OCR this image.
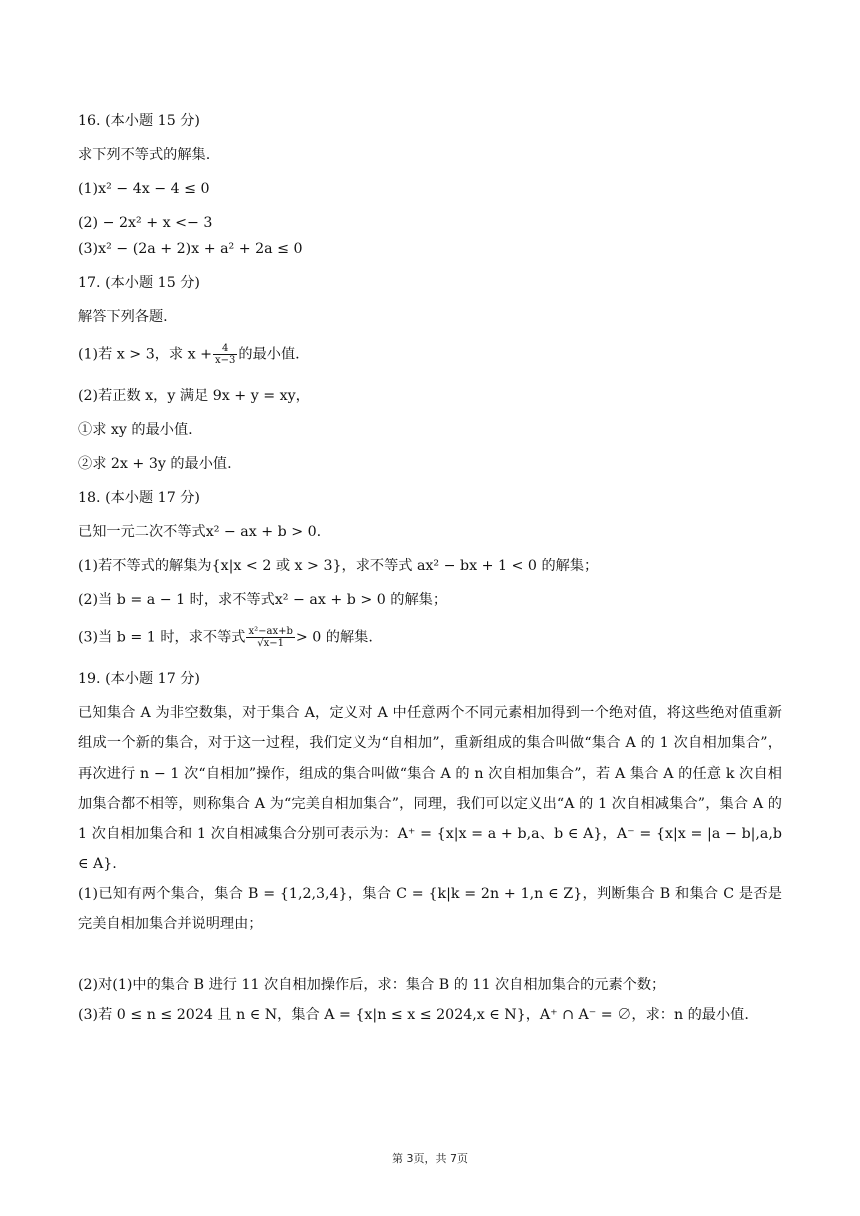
16. (本小题 15 分)
求下列不等式的解集.
(1)x² − 4x − 4 ≤ 0
(2) − 2x² + x <− 3
(3)x² − (2a + 2)x + a² + 2a ≤ 0
17. (本小题 15 分)
解答下列各题.
(1)若 x > 3，求 $x + \frac{4}{x-3}$ 的最小值.
(2)若正数 x，y 满足 9x + y = xy，
①求 xy 的最小值.
②求 2x + 3y 的最小值.
18. (本小题 17 分)
已知一元二次不等式x² − ax + b > 0.
(1)若不等式的解集为{x|x < 2 或 x > 3}，求不等式 ax² − bx + 1 < 0 的解集；
(2)当 b = a − 1 时，求不等式x² − ax + b > 0 的解集；
(3)当 b = 1 时，求不等式 $\frac{\text{x²−ax+b}}{√x-1} > 0$ 的解集.
19. (本小题 17 分)
已知集合 A 为非空数集，对于集合 A，定义对 A 中任意两个不同元素相加得到一个绝对值，将这些绝对值重新组成一个新的集合，对于这一过程，我们定义为“自相加”，重新组成的集合叫做“集合 A 的 1 次自相加集合”，再次进行 n − 1 次“自相加”操作，组成的集合叫做“集合 A 的 n 次自相加集合”，若 A 集合 A 的任意 k 次自相加集合都不相等，则称集合 A 为“完美自相加集合”，同理，我们可以定义出“A 的 1 次自相减集合”，集合 A 的 1 次自相加集合和 1 次自相减集合分别可表示为：A⁺ = {x|x = a + b,a、b ∈ A}，A⁻ = {x|x = |a − b|,a,b ∈ A}.
(1)已知有两个集合，集合 B = {1,2,3,4}，集合 C = {k|k = 2n + 1,n ∈ Z}，判断集合 B 和集合 C 是否是完美自相加集合并说明理由；
(2)对(1)中的集合 B 进行 11 次自相加操作后，求：集合 B 的 11 次自相加集合的元素个数；
(3)若 0 ≤ n ≤ 2024 且 n ∈ N，集合 A = {x|n ≤ x ≤ 2024,x ∈ N}，A⁺ ∩ A⁻ = ∅，求：n 的最小值.
第 3页，共 7页
